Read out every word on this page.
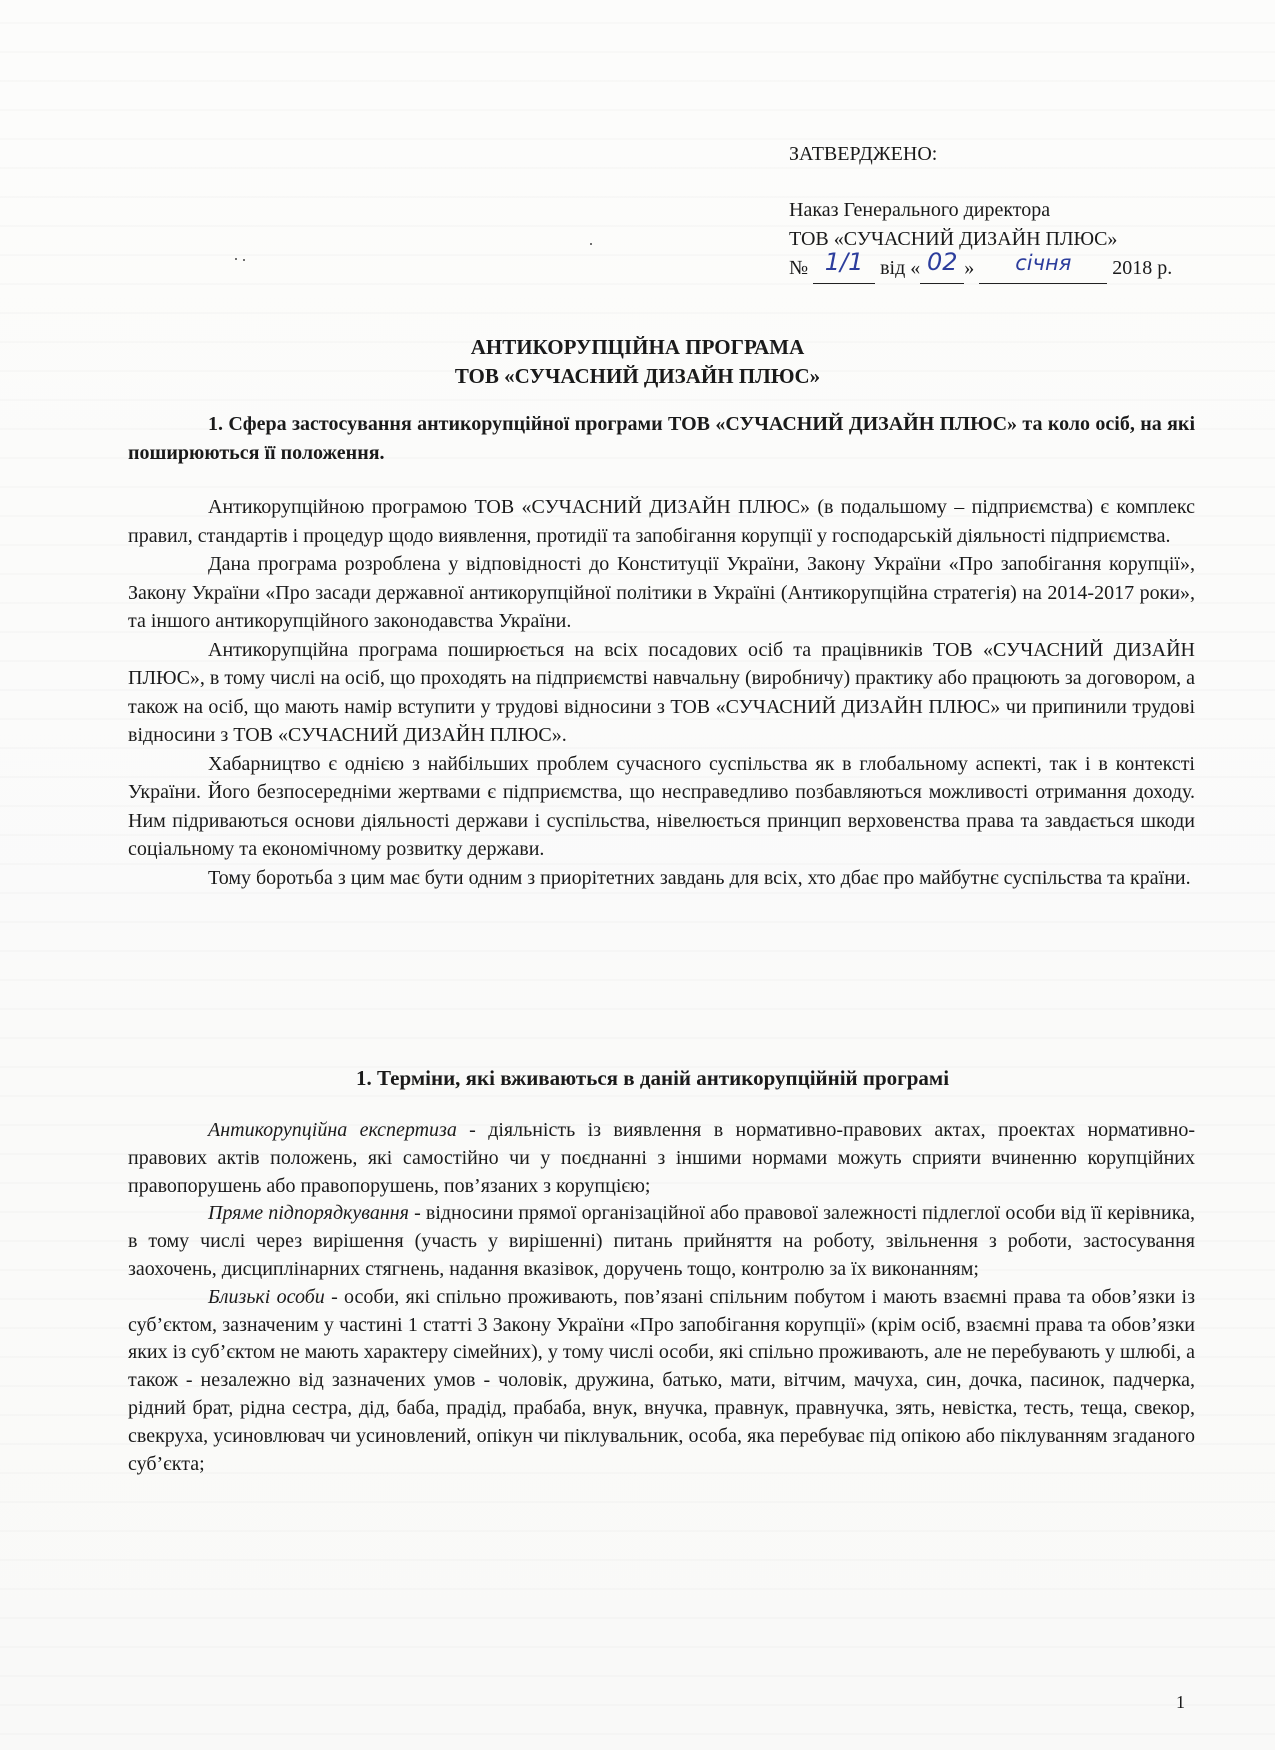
ЗАТВЕРДЖЕНО:
Наказ Генерального директора
ТОВ «СУЧАСНИЙ ДИЗАЙН ПЛЮС»
№ 1/1 від « 02 » січня 2018 р.
АНТИКОРУПЦІЙНА ПРОГРАМА
ТОВ «СУЧАСНИЙ ДИЗАЙН ПЛЮС»
1. Сфера застосування антикорупційної програми ТОВ «СУЧАСНИЙ ДИЗАЙН ПЛЮС» та коло осіб, на які поширюються її положення.

Антикорупційною програмою ТОВ «СУЧАСНИЙ ДИЗАЙН ПЛЮС» (в подальшому – підприємства) є комплекс правил, стандартів і процедур щодо виявлення, протидії та запобігання корупції у господарській діяльності підприємства.

Дана програма розроблена у відповідності до Конституції України, Закону України «Про запобігання корупції», Закону України «Про засади державної антикорупційної політики в Україні (Антикорупційна стратегія) на 2014-2017 роки», та іншого антикорупційного законодавства України.

Антикорупційна програма поширюється на всіх посадових осіб та працівників ТОВ «СУЧАСНИЙ ДИЗАЙН ПЛЮС», в тому числі на осіб, що проходять на підприємстві навчальну (виробничу) практику або працюють за договором, а також на осіб, що мають намір вступити у трудові відносини з ТОВ «СУЧАСНИЙ ДИЗАЙН ПЛЮС» чи припинили трудові відносини з ТОВ «СУЧАСНИЙ ДИЗАЙН ПЛЮС».

Хабарництво є однією з найбільших проблем сучасного суспільства як в глобальному аспекті, так і в контексті України. Його безпосередніми жертвами є підприємства, що несправедливо позбавляються можливості отримання доходу. Ним підриваються основи діяльності держави і суспільства, нівелюється принцип верховенства права та завдається шкоди соціальному та економічному розвитку держави.

Тому боротьба з цим має бути одним з приорітетних завдань для всіх, хто дбає про майбутнє суспільства та країни.

1. Терміни, які вживаються в даній антикорупційній програмі

Антикорупційна експертиза - діяльність із виявлення в нормативно-правових актах, проектах нормативно-правових актів положень, які самостійно чи у поєднанні з іншими нормами можуть сприяти вчиненню корупційних правопорушень або правопорушень, пов’язаних з корупцією;

Пряме підпорядкування - відносини прямої організаційної або правової залежності підлеглої особи від її керівника, в тому числі через вирішення (участь у вирішенні) питань прийняття на роботу, звільнення з роботи, застосування заохочень, дисциплінарних стягнень, надання вказівок, доручень тощо, контролю за їх виконанням;

Близькі особи - особи, які спільно проживають, пов’язані спільним побутом і мають взаємні права та обов’язки із суб’єктом, зазначеним у частині 1 статті 3 Закону України «Про запобігання корупції» (крім осіб, взаємні права та обов’язки яких із суб’єктом не мають характеру сімейних), у тому числі особи, які спільно проживають, але не перебувають у шлюбі, а також - незалежно від зазначених умов - чоловік, дружина, батько, мати, вітчим, мачуха, син, дочка, пасинок, падчерка, рідний брат, рідна сестра, дід, баба, прадід, прабаба, внук, внучка, правнук, правнучка, зять, невістка, тесть, теща, свекор, свекруха, усиновлювач чи усиновлений, опікун чи піклувальник, особа, яка перебуває під опікою або піклуванням згаданого суб’єкта;

1
